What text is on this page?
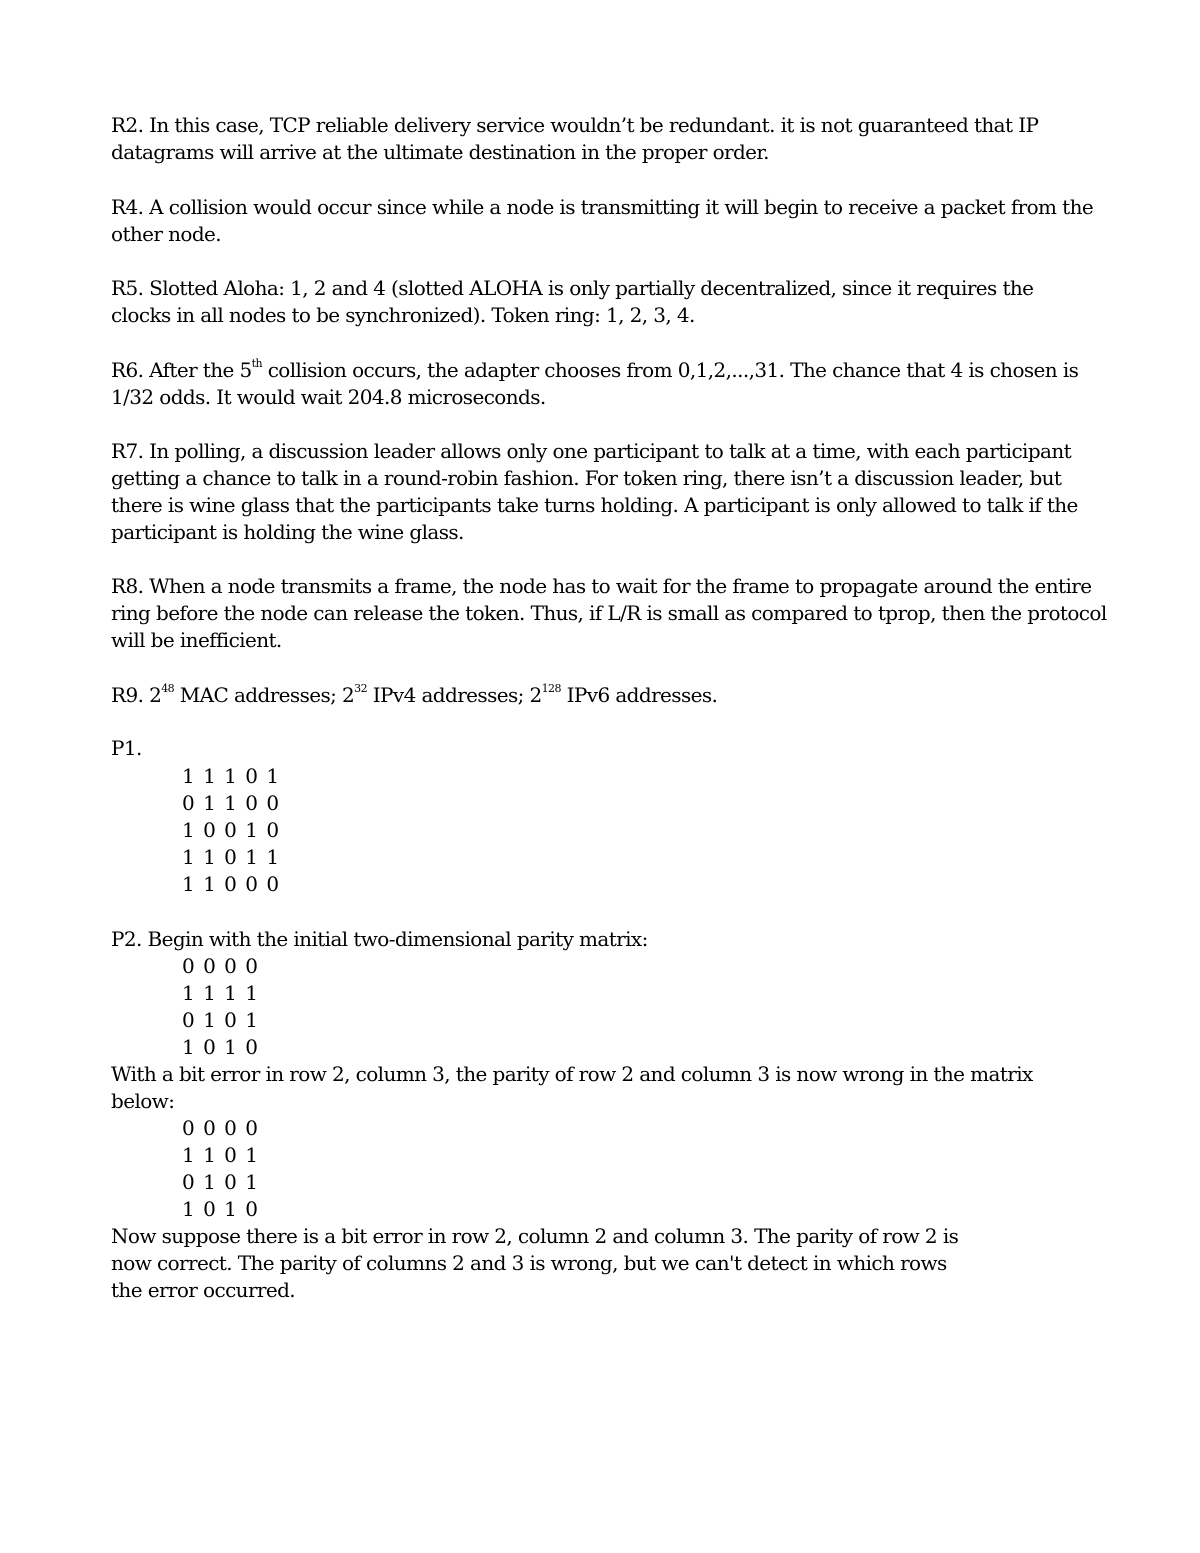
R2. In this case, TCP reliable delivery service wouldn’t be redundant. it is not guaranteed that IP

datagrams will arrive at the ultimate destination in the proper order.

R4. A collision would occur since while a node is transmitting it will begin to receive a packet from the

other node.

R5. Slotted Aloha: 1, 2 and 4 (slotted ALOHA is only partially decentralized, since it requires the

clocks in all nodes to be synchronized). Token ring: 1, 2, 3, 4.

R6. After the 5th collision occurs, the adapter chooses from 0,1,2,...,31. The chance that 4 is chosen is

1/32 odds. It would wait 204.8 microseconds.

R7. In polling, a discussion leader allows only one participant to talk at a time, with each participant

getting a chance to talk in a round-robin fashion. For token ring, there isn’t a discussion leader, but

there is wine glass that the participants take turns holding. A participant is only allowed to talk if the

participant is holding the wine glass.

R8. When a node transmits a frame, the node has to wait for the frame to propagate around the entire

ring before the node can release the token. Thus, if L/R is small as compared to tprop, then the protocol

will be inefficient.

R9. $2^{48}$ MAC addresses; $2^{32}$ IPv4 addresses; $2^{128}$ IPv6 addresses.

P1.

1 1 1 0 1

0 1 1 0 0

1 0 0 1 0

1 1 0 1 1

1 1 0 0 0

P2. Begin with the initial two-dimensional parity matrix:

0 0 0 0

1 1 1 1

0 1 0 1

1 0 1 0

With a bit error in row 2, column 3, the parity of row 2 and column 3 is now wrong in the matrix

below:

0 0 0 0

1 1 0 1

0 1 0 1

1 0 1 0

Now suppose there is a bit error in row 2, column 2 and column 3. The parity of row 2 is

now correct. The parity of columns 2 and 3 is wrong, but we can't detect in which rows

the error occurred.
